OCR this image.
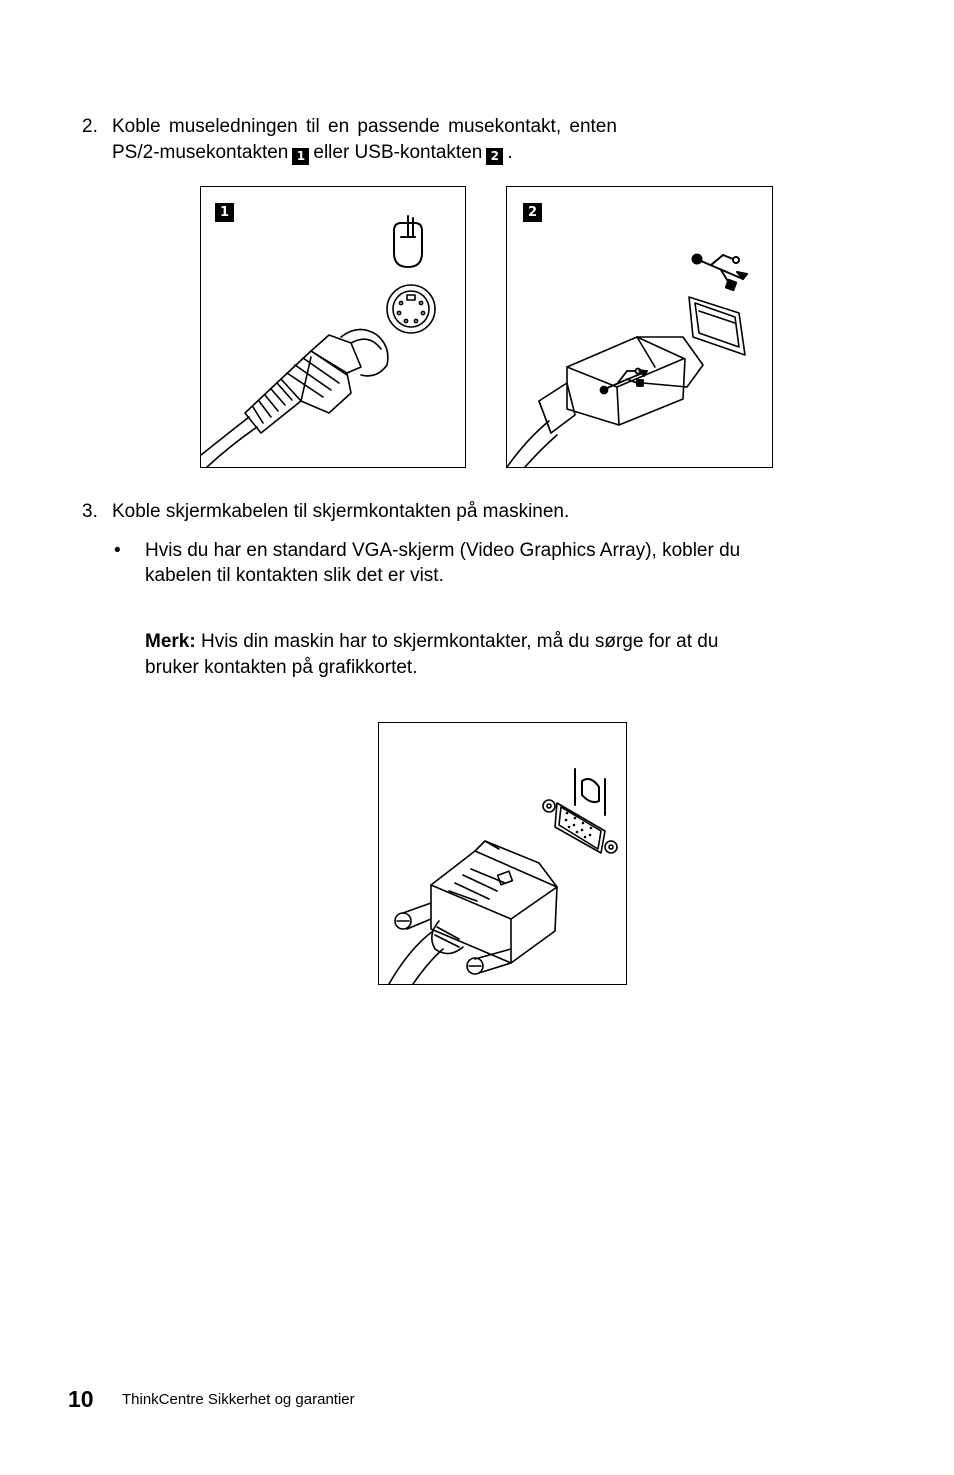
2. Koble museledningen til en passende musekontakt, enten
PS/2-musekontakten 1 eller USB-kontakten 2 .
1	2
3. Koble skjermkabelen til skjermkontakten på maskinen.
• Hvis du har en standard VGA-skjerm (Video Graphics Array), kobler du
kabelen til kontakten slik det er vist.
Merk: Hvis din maskin har to skjermkontakter, må du sørge for at du
bruker kontakten på grafikkortet.
10 ThinkCentre Sikkerhet og garantier
